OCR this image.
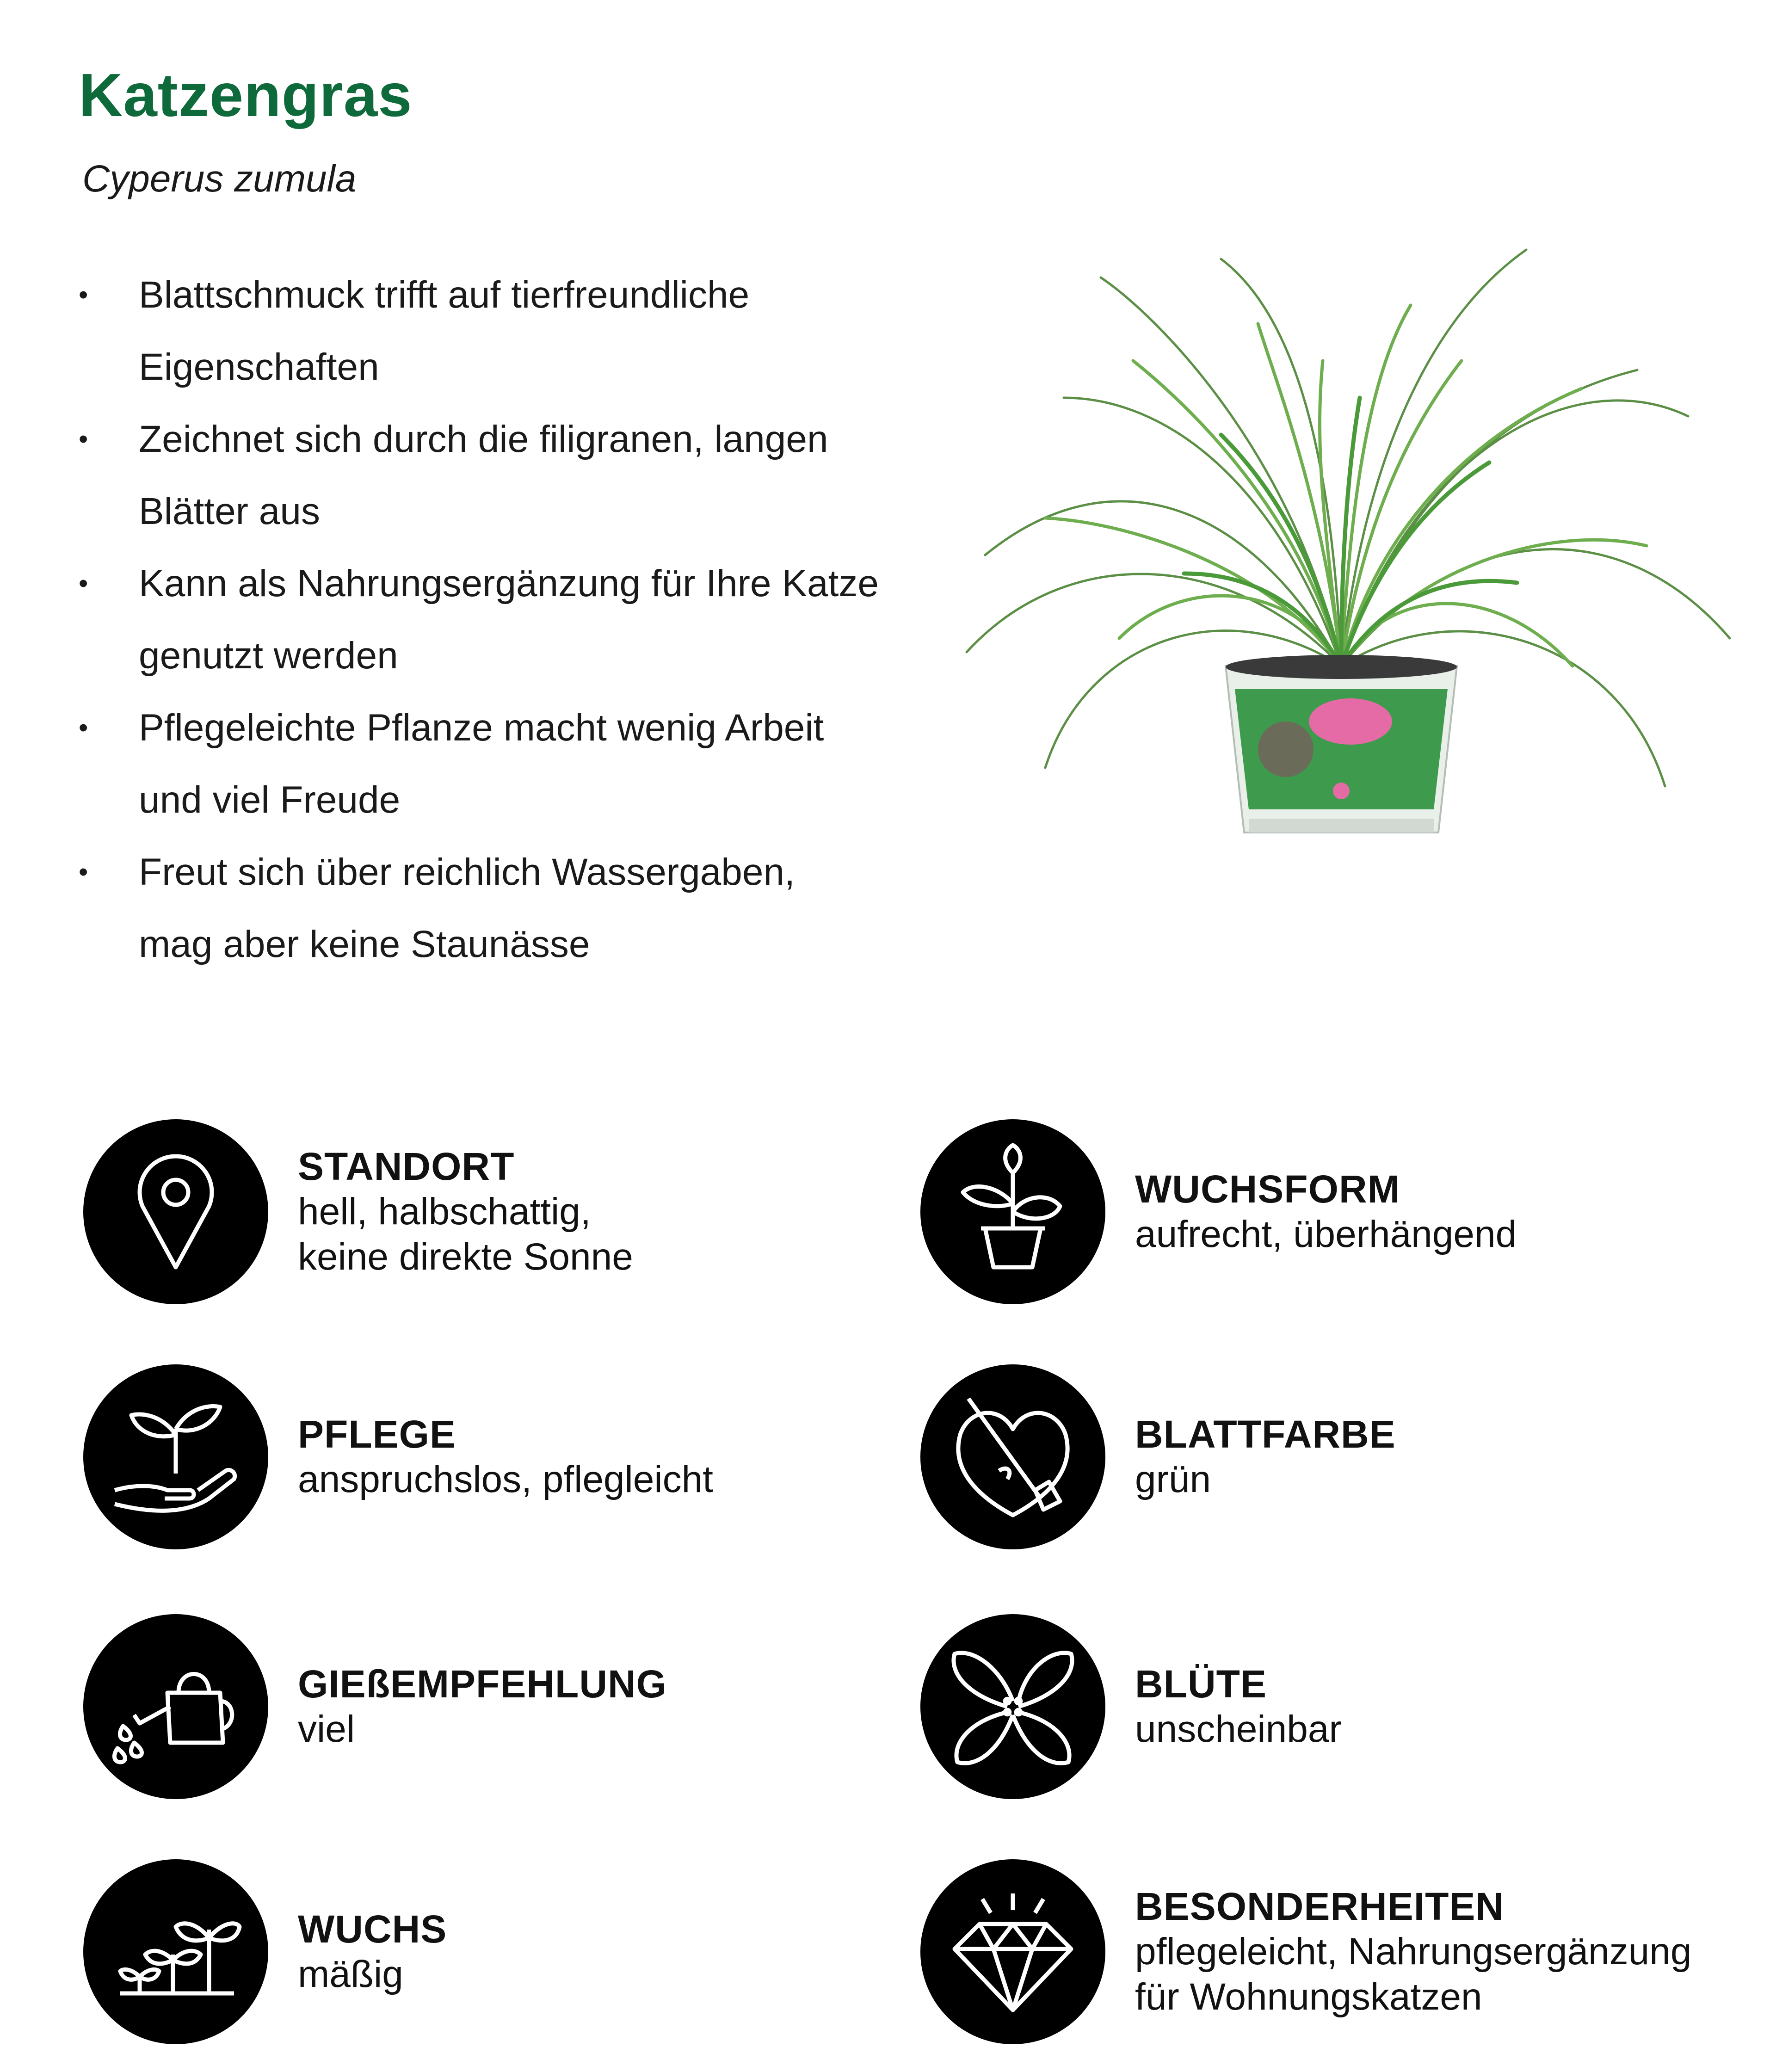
Katzengras
Cyperus zumula
• Blattschmuck trifft auf tierfreundliche
Eigenschaften
• Zeichnet sich durch die filigranen, langen
Blätter aus
• Kann als Nahrungsergänzung für Ihre Katze
genutzt werden
• Pflegeleichte Pflanze macht wenig Arbeit
und viel Freude
• Freut sich über reichlich Wassergaben,
mag aber keine Staunässe
STANDORT
hell, halbschattig,
keine direkte Sonne
WUCHSFORM
aufrecht, überhängend
PFLEGE
anspruchslos, pflegleicht
BLATTFARBE
grün
GIEßEMPFEHLUNG
viel
BLÜTE
unscheinbar
WUCHS
mäßig
BESONDERHEITEN
pflegeleicht, Nahrungsergänzung
für Wohnungskatzen
